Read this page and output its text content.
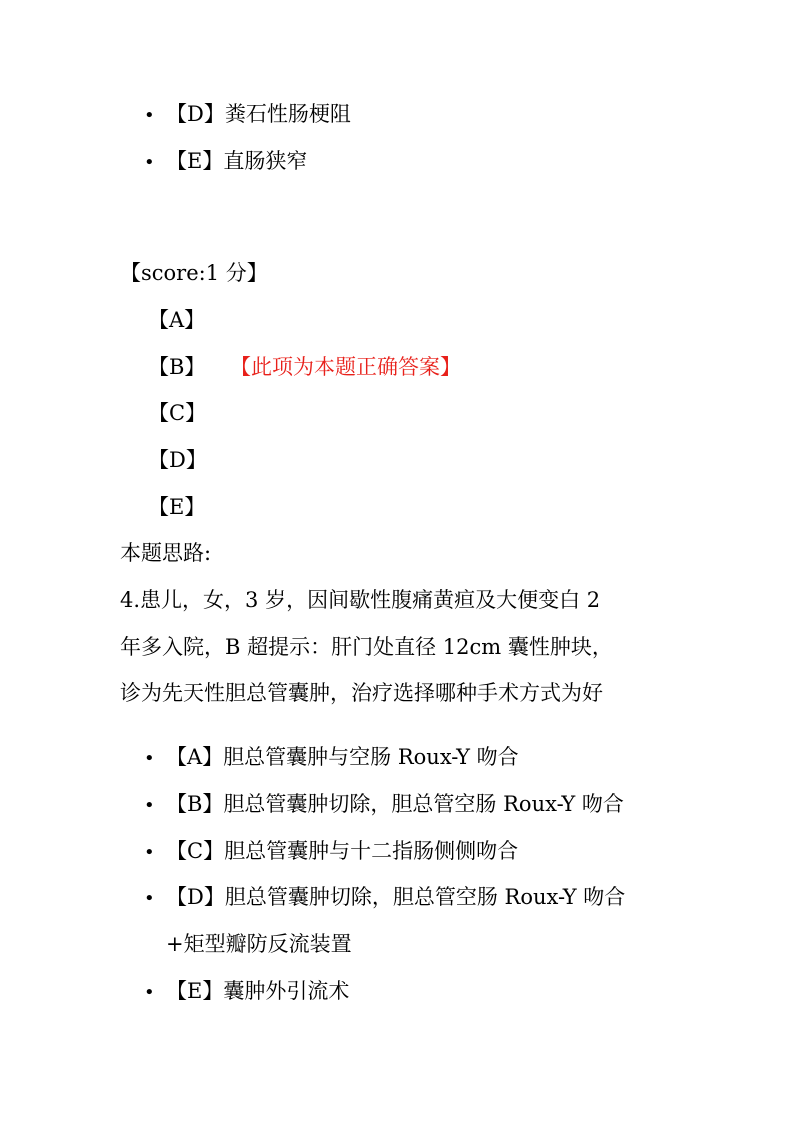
• 【D】粪石性肠梗阻
• 【E】直肠狭窄
【score:1 分】
【A】
【B】 【此项为本题正确答案】
【C】
【D】
【E】
本题思路:
4.患儿，女，3 岁，因间歇性腹痛黄疸及大便变白 2
年多入院，B 超提示：肝门处直径 12cm 囊性肿块，
诊为先天性胆总管囊肿，治疗选择哪种手术方式为好
• 【A】胆总管囊肿与空肠 Roux-Y 吻合
• 【B】胆总管囊肿切除，胆总管空肠 Roux-Y 吻合
• 【C】胆总管囊肿与十二指肠侧侧吻合
• 【D】胆总管囊肿切除，胆总管空肠 Roux-Y 吻合
+矩型瓣防反流装置
• 【E】囊肿外引流术
